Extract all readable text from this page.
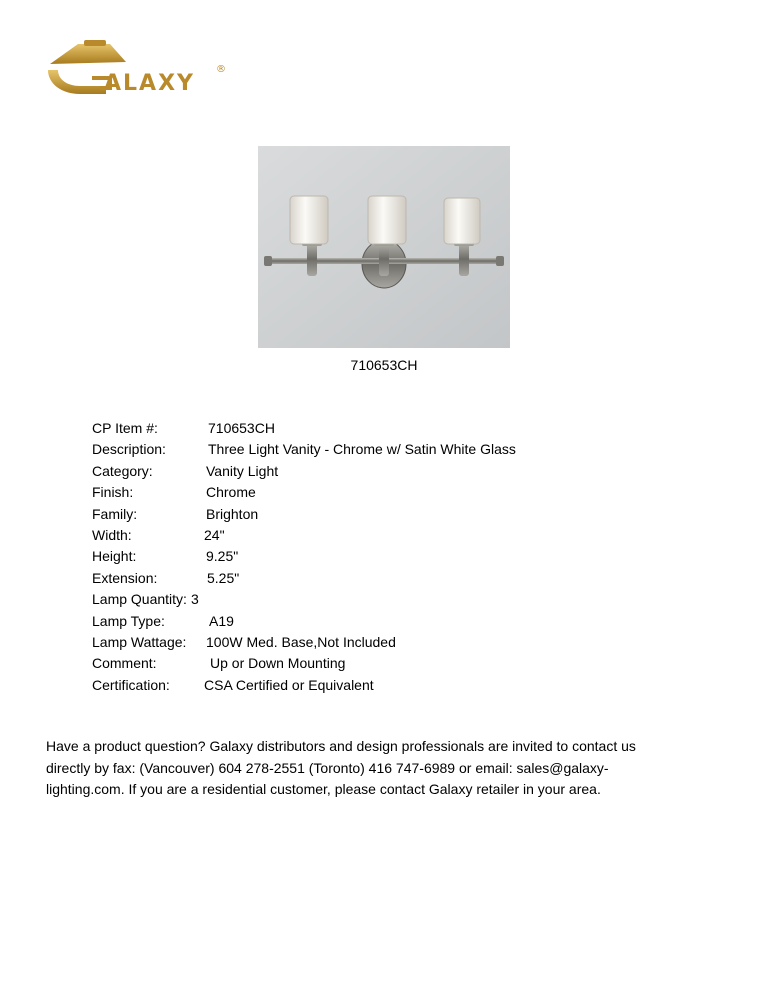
ALAXY
®
710653CH
CP Item #:	710653CH
Description:	Three Light Vanity - Chrome w/ Satin White Glass
Category:	Vanity Light
Finish:	Chrome
Family:	Brighton
Width:	24"
Height:	9.25"
Extension:	5.25"
Lamp Quantity: 3
Lamp Type:	A19
Lamp Wattage:	100W Med. Base,Not Included
Comment:	Up or Down Mounting
Certification:	CSA Certified or Equivalent
Have a product question? Galaxy distributors and design professionals are invited to contact us
directly by fax: (Vancouver) 604 278-2551 (Toronto) 416 747-6989 or email: sales@galaxy-
lighting.com. If you are a residential customer, please contact Galaxy retailer in your area.
